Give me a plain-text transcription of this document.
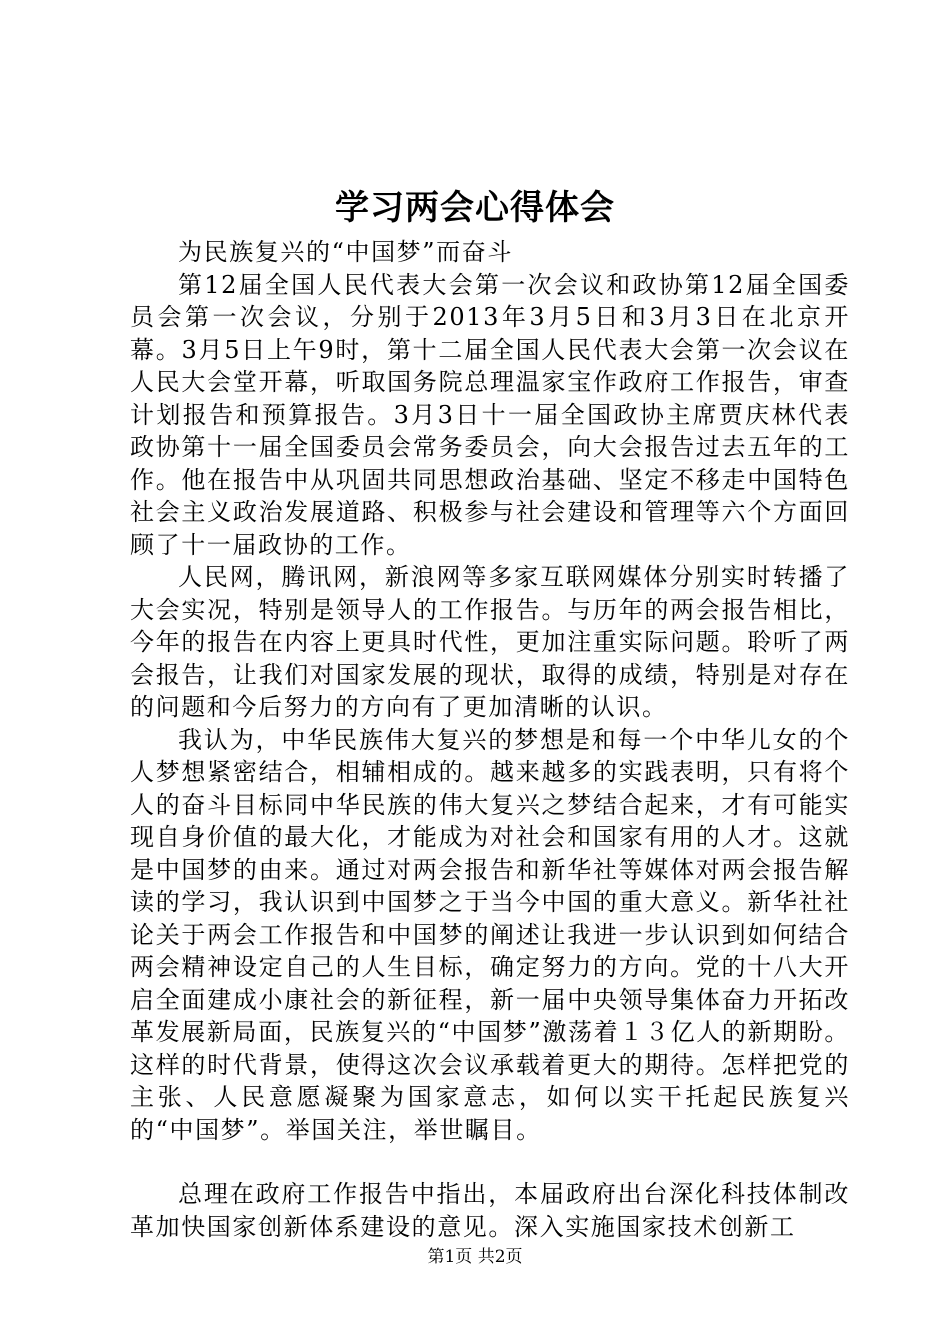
学习两会心得体会

为民族复兴的“中国梦”而奋斗

第12届全国人民代表大会第一次会议和政协第12届全国委员会第一次会议，分别于2013年3月5日和3月3日在北京开幕。3月5日上午9时，第十二届全国人民代表大会第一次会议在人民大会堂开幕，听取国务院总理温家宝作政府工作报告，审查计划报告和预算报告。3月3日十一届全国政协主席贾庆林代表政协第十一届全国委员会常务委员会，向大会报告过去五年的工作。他在报告中从巩固共同思想政治基础、坚定不移走中国特色社会主义政治发展道路、积极参与社会建设和管理等六个方面回顾了十一届政协的工作。

人民网，腾讯网，新浪网等多家互联网媒体分别实时转播了大会实况，特别是领导人的工作报告。与历年的两会报告相比，今年的报告在内容上更具时代性，更加注重实际问题。聆听了两会报告，让我们对国家发展的现状，取得的成绩，特别是对存在的问题和今后努力的方向有了更加清晰的认识。

我认为，中华民族伟大复兴的梦想是和每一个中华儿女的个人梦想紧密结合，相辅相成的。越来越多的实践表明，只有将个人的奋斗目标同中华民族的伟大复兴之梦结合起来，才有可能实现自身价值的最大化，才能成为对社会和国家有用的人才。这就是中国梦的由来。通过对两会报告和新华社等媒体对两会报告解读的学习，我认识到中国梦之于当今中国的重大意义。新华社社论关于两会工作报告和中国梦的阐述让我进一步认识到如何结合两会精神设定自己的人生目标，确定努力的方向。党的十八大开启全面建成小康社会的新征程，新一届中央领导集体奋力开拓改革发展新局面，民族复兴的“中国梦”激荡着１３亿人的新期盼。这样的时代背景，使得这次会议承载着更大的期待。怎样把党的主张、人民意愿凝聚为国家意志，如何以实干托起民族复兴的“中国梦”。举国关注，举世瞩目。

总理在政府工作报告中指出，本届政府出台深化科技体制改革加快国家创新体系建设的意见。深入实施国家技术创新工

第1页 共2页
